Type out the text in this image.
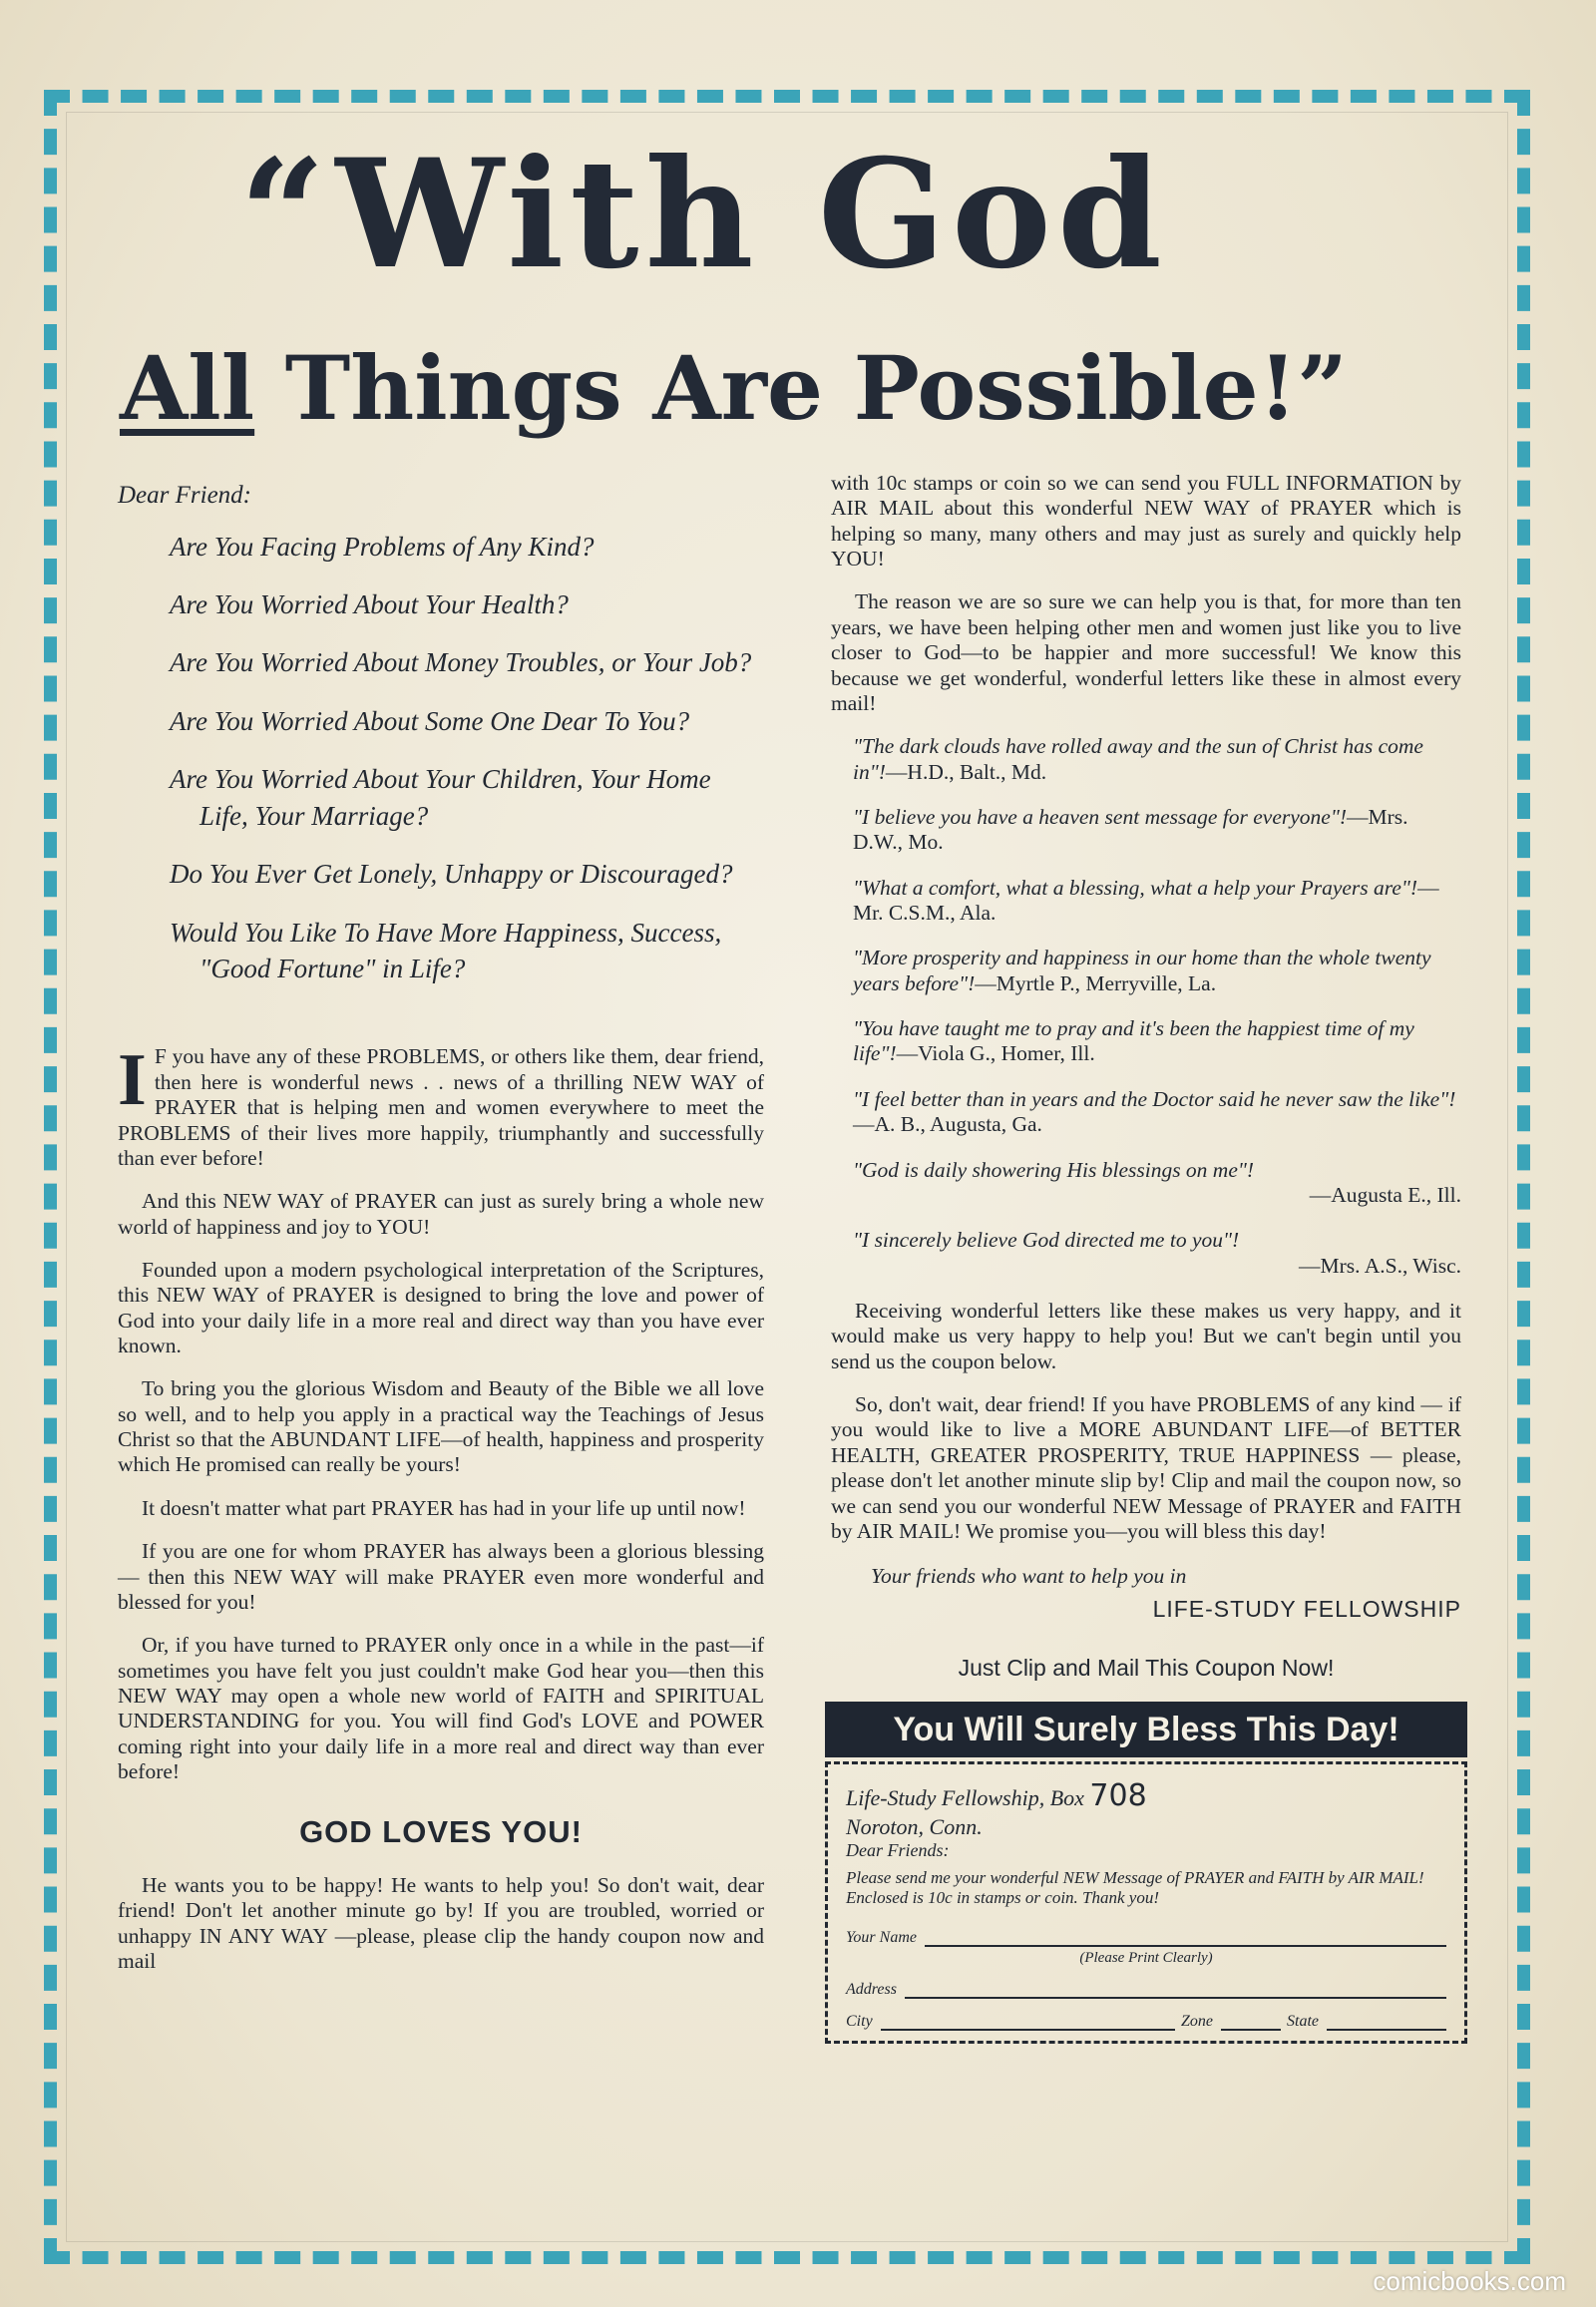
“With God
All Things Are Possible!”
Dear Friend:
Are You Facing Problems of Any Kind?
Are You Worried About Your Health?
Are You Worried About Money Troubles, or Your Job?
Are You Worried About Some One Dear To You?
Are You Worried About Your Children, Your Home Life, Your Marriage?
Do You Ever Get Lonely, Unhappy or Discouraged?
Would You Like To Have More Happiness, Success, "Good Fortune" in Life?
I F you have any of these PROBLEMS, or others like them, dear friend, then here is wonderful news . . news of a thrilling NEW WAY of PRAYER that is helping men and women everywhere to meet the PROBLEMS of their lives more happily, triumphantly and successfully than ever before!
And this NEW WAY of PRAYER can just as surely bring a whole new world of happiness and joy to YOU!
Founded upon a modern psychological interpretation of the Scriptures, this NEW WAY of PRAYER is designed to bring the love and power of God into your daily life in a more real and direct way than you have ever known.
To bring you the glorious Wisdom and Beauty of the Bible we all love so well, and to help you apply in a practical way the Teachings of Jesus Christ so that the ABUNDANT LIFE—of health, happiness and prosperity which He promised can really be yours!
It doesn't matter what part PRAYER has had in your life up until now!
If you are one for whom PRAYER has always been a glorious blessing — then this NEW WAY will make PRAYER even more wonderful and blessed for you!
Or, if you have turned to PRAYER only once in a while in the past—if sometimes you have felt you just couldn't make God hear you—then this NEW WAY may open a whole new world of FAITH and SPIRITUAL UNDERSTANDING for you. You will find God's LOVE and POWER coming right into your daily life in a more real and direct way than ever before!
GOD LOVES YOU!
He wants you to be happy! He wants to help you! So don't wait, dear friend! Don't let another minute go by! If you are troubled, worried or unhappy IN ANY WAY —please, please clip the handy coupon now and mail
with 10c stamps or coin so we can send you FULL INFORMATION by AIR MAIL about this wonderful NEW WAY of PRAYER which is helping so many, many others and may just as surely and quickly help YOU!
The reason we are so sure we can help you is that, for more than ten years, we have been helping other men and women just like you to live closer to God—to be happier and more successful! We know this because we get wonderful, wonderful letters like these in almost every mail!
"The dark clouds have rolled away and the sun of Christ has come in"!—H.D., Balt., Md.
"I believe you have a heaven sent message for everyone"!—Mrs. D.W., Mo.
"What a comfort, what a blessing, what a help your Prayers are"!—Mr. C.S.M., Ala.
"More prosperity and happiness in our home than the whole twenty years before"!—Myrtle P., Merryville, La.
"You have taught me to pray and it's been the happiest time of my life"!—Viola G., Homer, Ill.
"I feel better than in years and the Doctor said he never saw the like"!—A. B., Augusta, Ga.
"God is daily showering His blessings on me"!
—Augusta E., Ill.
"I sincerely believe God directed me to you"!
—Mrs. A.S., Wisc.
Receiving wonderful letters like these makes us very happy, and it would make us very happy to help you! But we can't begin until you send us the coupon below.
So, don't wait, dear friend! If you have PROBLEMS of any kind — if you would like to live a MORE ABUNDANT LIFE—of BETTER HEALTH, GREATER PROSPERITY, TRUE HAPPINESS — please, please don't let another minute slip by! Clip and mail the coupon now, so we can send you our wonderful NEW Message of PRAYER and FAITH by AIR MAIL! We promise you—you will bless this day!
Your friends who want to help you in
LIFE-STUDY FELLOWSHIP
Just Clip and Mail This Coupon Now!
You Will Surely Bless This Day!
Life-Study Fellowship, Box 708
Noroton, Conn.
Dear Friends:
Please send me your wonderful NEW Message of PRAYER and FAITH by AIR MAIL! Enclosed is 10c in stamps or coin. Thank you!
Your Name
(Please Print Clearly)
Address
City	Zone	State
comicbooks.com
